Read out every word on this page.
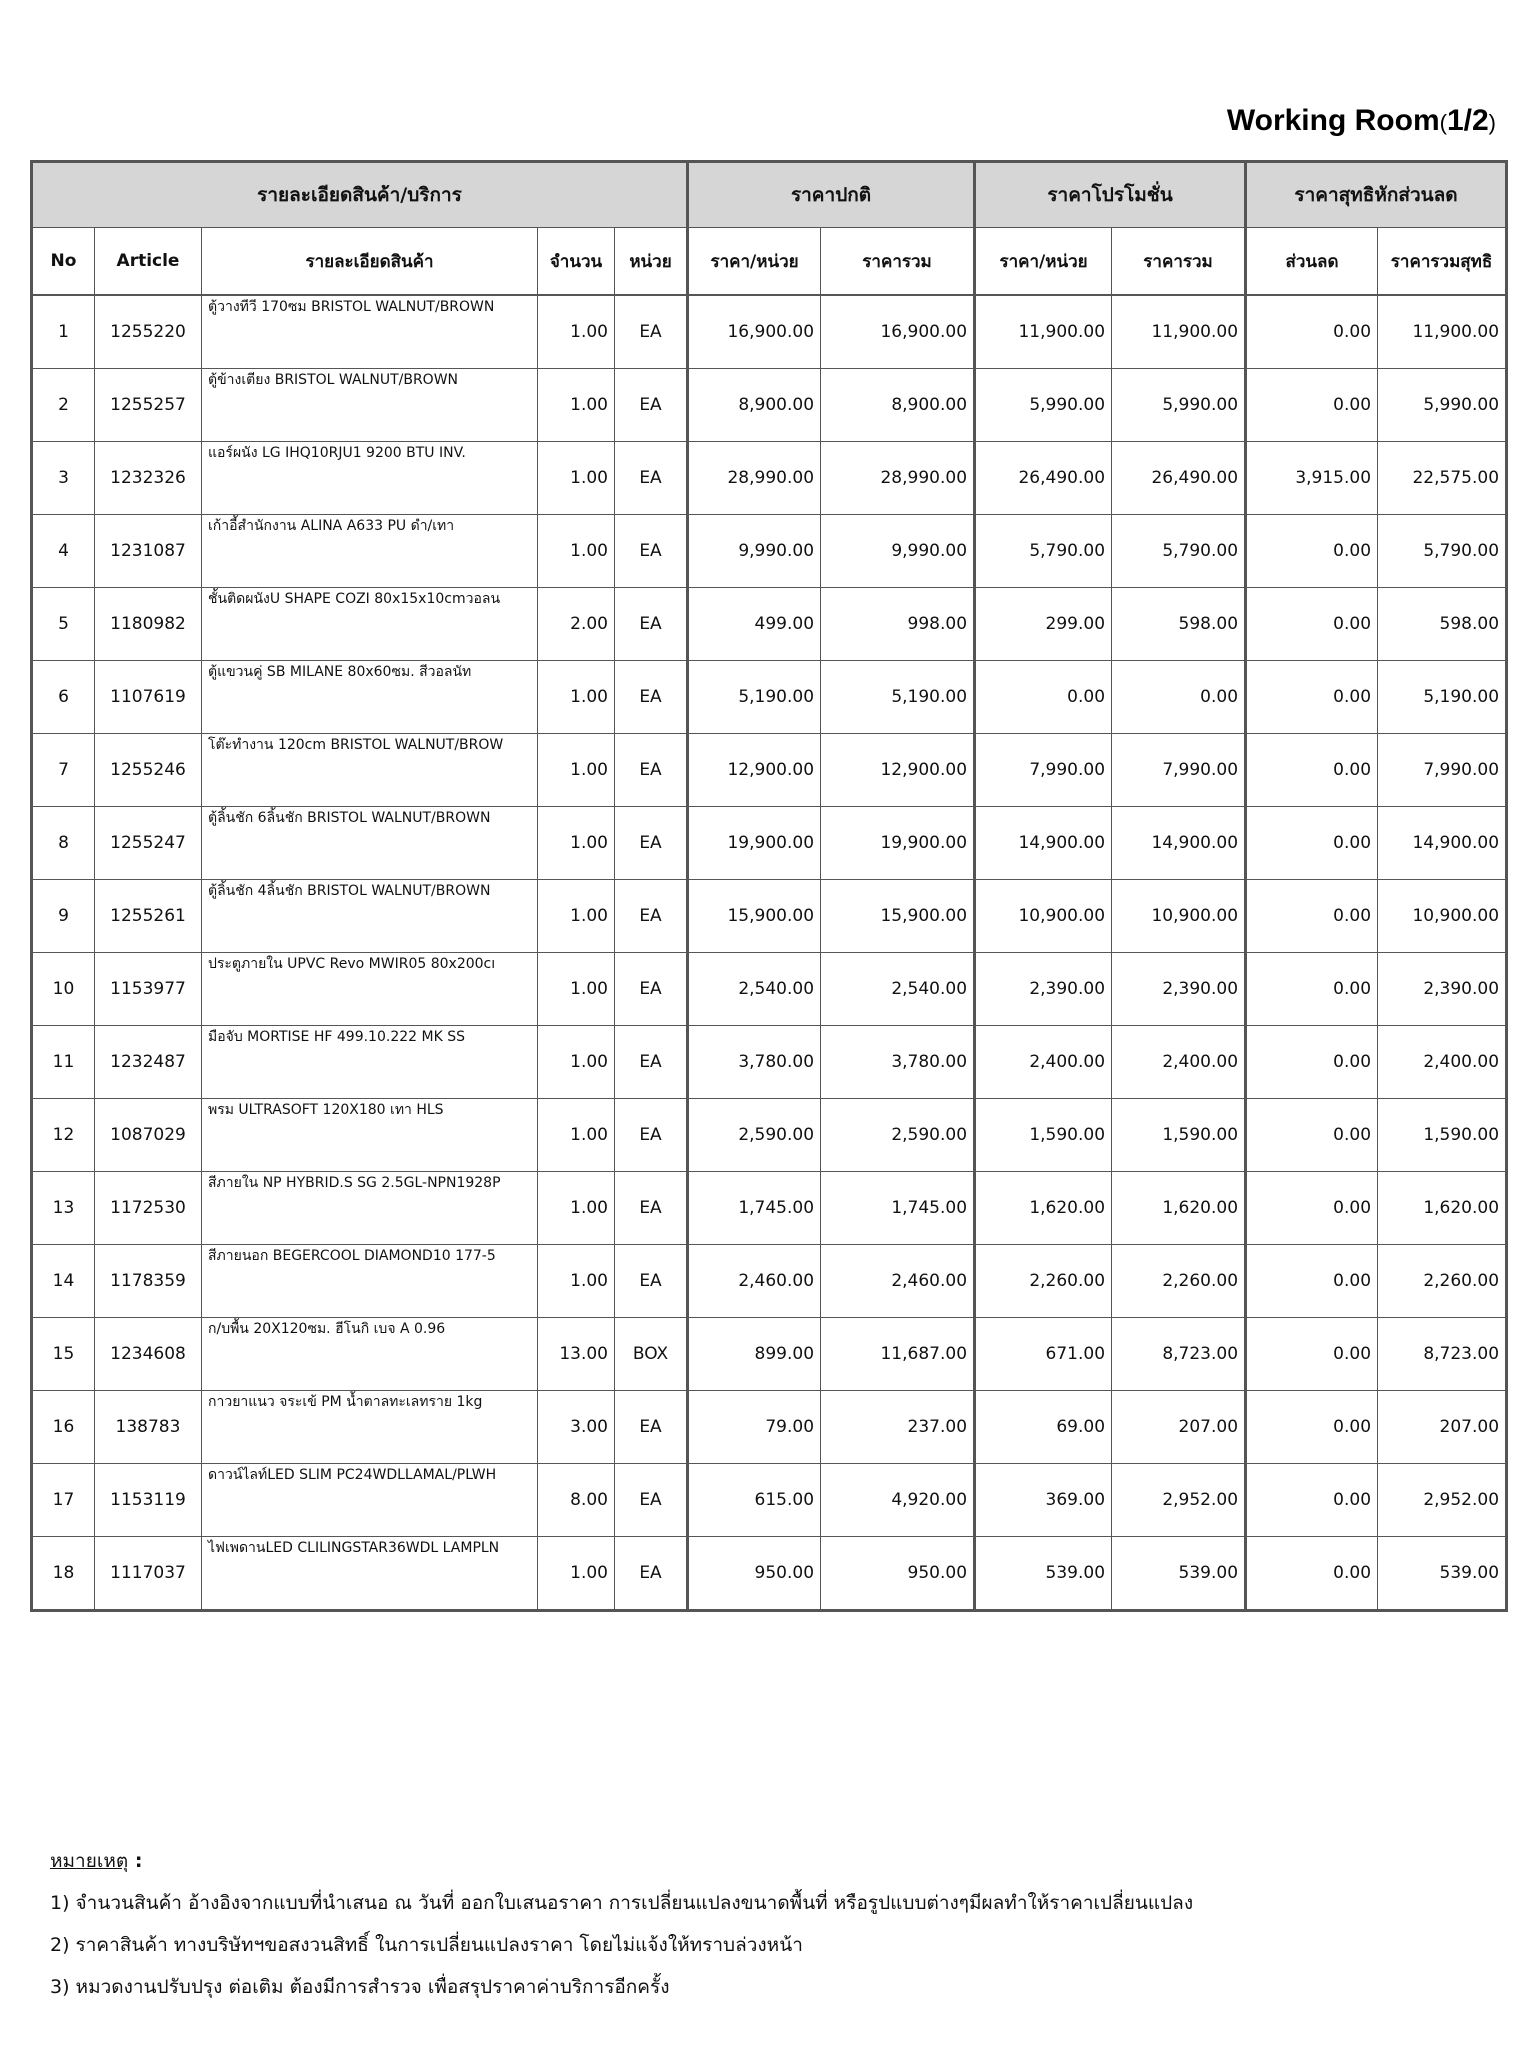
Working Room(1/2)
รายละเอียดสินค้า/บริการ					ราคาปกติ		ราคาโปรโมชั่น		ราคาสุทธิหักส่วนลด	
No	Article	รายละเอียดสินค้า	จำนวน	หน่วย	ราคา/หน่วย	ราคารวม	ราคา/หน่วย	ราคารวม	ส่วนลด	ราคารวมสุทธิ
1	1255220	ตู้วางทีวี 170ซม BRISTOL WALNUT/BROWN	1.00	EA	16,900.00	16,900.00	11,900.00	11,900.00	0.00	11,900.00
2	1255257	ตู้ข้างเตียง BRISTOL WALNUT/BROWN	1.00	EA	8,900.00	8,900.00	5,990.00	5,990.00	0.00	5,990.00
3	1232326	แอร์ผนัง LG IHQ10RJU1 9200 BTU INV.	1.00	EA	28,990.00	28,990.00	26,490.00	26,490.00	3,915.00	22,575.00
4	1231087	เก้าอี้สำนักงาน ALINA A633 PU ดำ/เทา	1.00	EA	9,990.00	9,990.00	5,790.00	5,790.00	0.00	5,790.00
5	1180982	ชั้นติดผนังU SHAPE COZI 80x15x10cmวอลน	2.00	EA	499.00	998.00	299.00	598.00	0.00	598.00
6	1107619	ตู้แขวนคู่ SB MILANE 80x60ซม. สีวอลนัท	1.00	EA	5,190.00	5,190.00	0.00	0.00	0.00	5,190.00
7	1255246	โต๊ะทำงาน 120cm BRISTOL WALNUT/BROW	1.00	EA	12,900.00	12,900.00	7,990.00	7,990.00	0.00	7,990.00
8	1255247	ตู้ลิ้นชัก 6ลิ้นชัก BRISTOL WALNUT/BROWN	1.00	EA	19,900.00	19,900.00	14,900.00	14,900.00	0.00	14,900.00
9	1255261	ตู้ลิ้นชัก 4ลิ้นชัก BRISTOL WALNUT/BROWN	1.00	EA	15,900.00	15,900.00	10,900.00	10,900.00	0.00	10,900.00
10	1153977	ประตูภายใน UPVC Revo MWIR05 80x200cı	1.00	EA	2,540.00	2,540.00	2,390.00	2,390.00	0.00	2,390.00
11	1232487	มือจับ MORTISE HF 499.10.222 MK SS	1.00	EA	3,780.00	3,780.00	2,400.00	2,400.00	0.00	2,400.00
12	1087029	พรม ULTRASOFT 120X180 เทา HLS	1.00	EA	2,590.00	2,590.00	1,590.00	1,590.00	0.00	1,590.00
13	1172530	สีภายใน NP HYBRID.S SG 2.5GL-NPN1928P	1.00	EA	1,745.00	1,745.00	1,620.00	1,620.00	0.00	1,620.00
14	1178359	สีภายนอก BEGERCOOL DIAMOND10 177-5	1.00	EA	2,460.00	2,460.00	2,260.00	2,260.00	0.00	2,260.00
15	1234608	ก/บพื้น 20X120ซม. ฮีโนกิ เบจ A 0.96	13.00	BOX	899.00	11,687.00	671.00	8,723.00	0.00	8,723.00
16	138783	กาวยาแนว จระเข้ PM น้ำตาลทะเลทราย 1kg	3.00	EA	79.00	237.00	69.00	207.00	0.00	207.00
17	1153119	ดาวน์ไลท์LED SLIM PC24WDLLAMAL/PLWH	8.00	EA	615.00	4,920.00	369.00	2,952.00	0.00	2,952.00
18	1117037	ไฟเพดานLED CLILINGSTAR36WDL LAMPLN	1.00	EA	950.00	950.00	539.00	539.00	0.00	539.00
หมายเหตุ :
1) จำนวนสินค้า อ้างอิงจากแบบที่นำเสนอ ณ วันที่ ออกใบเสนอราคา การเปลี่ยนแปลงขนาดพื้นที่ หรือรูปแบบต่างๆมีผลทำให้ราคาเปลี่ยนแปลง
2) ราคาสินค้า ทางบริษัทฯขอสงวนสิทธิ์ ในการเปลี่ยนแปลงราคา โดยไม่แจ้งให้ทราบล่วงหน้า
3) หมวดงานปรับปรุง ต่อเติม ต้องมีการสำรวจ เพื่อสรุปราคาค่าบริการอีกครั้ง
